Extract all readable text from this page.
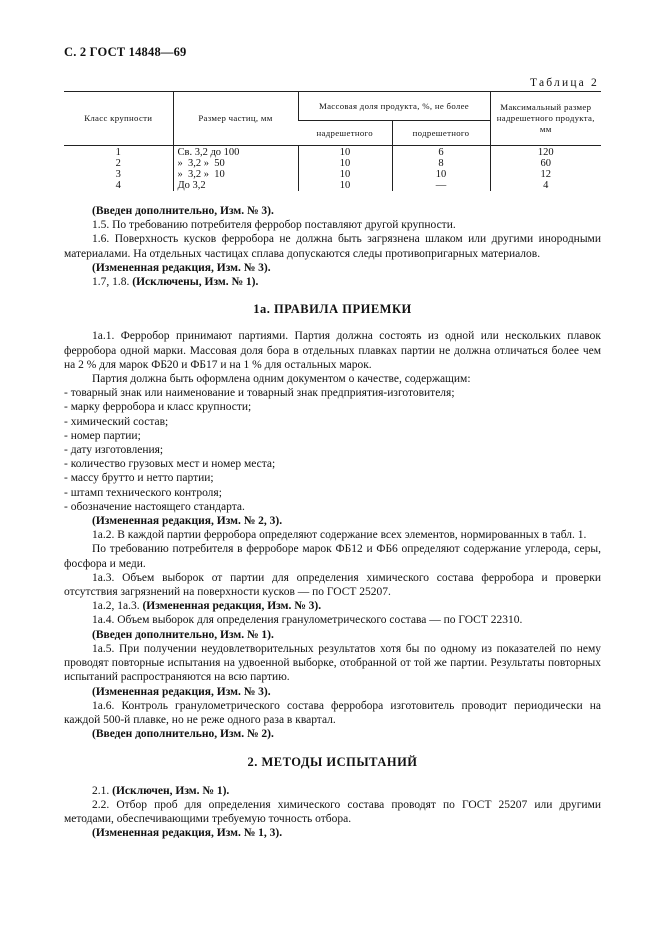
С. 2 ГОСТ 14848—69
Таблица 2
Класс крупности	Размер частиц, мм	Массовая доля продукта, %, не более		Максимальный размер надрешетного продукта, мм
		надрешетного	подрешетного	
1	Св. 3,2 до 100	10	6	120
2	»  3,2 »  50	10	8	60
3	»  3,2 »  10	10	10	12
4	До 3,2	10	—	4

(Введен дополнительно, Изм. № 3).

1.5. По требованию потребителя ферробор поставляют другой крупности.

1.6. Поверхность кусков ферробора не должна быть загрязнена шлаком или другими инородными материалами. На отдельных частицах сплава допускаются следы противопригарных материалов.

(Измененная редакция, Изм. № 3).

1.7, 1.8. (Исключены, Изм. № 1).

1а. ПРАВИЛА ПРИЕМКИ

1а.1. Ферробор принимают партиями. Партия должна состоять из одной или нескольких плавок ферробора одной марки. Массовая доля бора в отдельных плавках партии не должна отличаться более чем на 2 % для марок ФБ20 и ФБ17 и на 1 % для остальных марок.

Партия должна быть оформлена одним документом о качестве, содержащим:

- товарный знак или наименование и товарный знак предприятия-изготовителя;

- марку ферробора и класс крупности;

- химический состав;

- номер партии;

- дату изготовления;

- количество грузовых мест и номер места;

- массу брутто и нетто партии;

- штамп технического контроля;

- обозначение настоящего стандарта.

(Измененная редакция, Изм. № 2, 3).

1а.2. В каждой партии ферробора определяют содержание всех элементов, нормированных в табл. 1.

По требованию потребителя в ферроборе марок ФБ12 и ФБ6 определяют содержание углерода, серы, фосфора и меди.

1а.3. Объем выборок от партии для определения химического состава ферробора и проверки отсутствия загрязнений на поверхности кусков — по ГОСТ 25207.

1а.2, 1а.3. (Измененная редакция, Изм. № 3).

1а.4. Объем выборок для определения гранулометрического состава — по ГОСТ 22310.

(Введен дополнительно, Изм. № 1).

1а.5. При получении неудовлетворительных результатов хотя бы по одному из показателей по нему проводят повторные испытания на удвоенной выборке, отобранной от той же партии. Результаты повторных испытаний распространяются на всю партию.

(Измененная редакция, Изм. № 3).

1а.6. Контроль гранулометрического состава ферробора изготовитель проводит периодически на каждой 500-й плавке, но не реже одного раза в квартал.

(Введен дополнительно, Изм. № 2).

2. МЕТОДЫ ИСПЫТАНИЙ

2.1. (Исключен, Изм. № 1).

2.2. Отбор проб для определения химического состава проводят по ГОСТ 25207 или другими методами, обеспечивающими требуемую точность отбора.

(Измененная редакция, Изм. № 1, 3).
